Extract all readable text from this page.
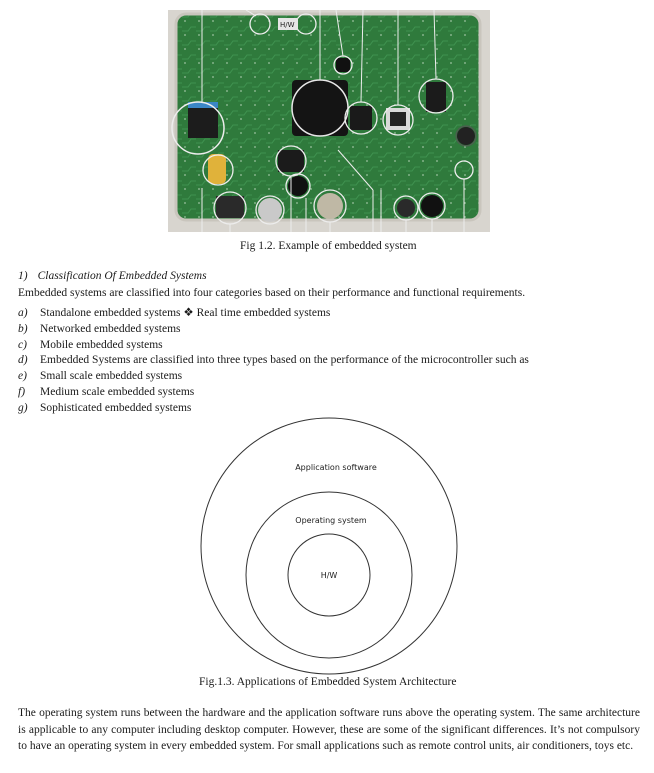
H/W
Fig 1.2. Example of embedded system
1) Classification Of Embedded Systems
Embedded systems are classified into four categories based on their performance and functional requirements.
a)	Standalone embedded systems ❖ Real time embedded systems
b)	Networked embedded systems
c)	Mobile embedded systems
d)	Embedded Systems are classified into three types based on the performance of the microcontroller such as
e)	Small scale embedded systems
f)	Medium scale embedded systems
g)	Sophisticated embedded systems
Application software
Operating system
H/W
Fig.1.3. Applications of Embedded System Architecture

The operating system runs between the hardware and the application software runs above the operating system. The same architecture is applicable to any computer including desktop computer. However, these are some of the significant differences. It’s not compulsory to have an operating system in every embedded system. For small applications such as remote control units, air conditioners, toys etc.
